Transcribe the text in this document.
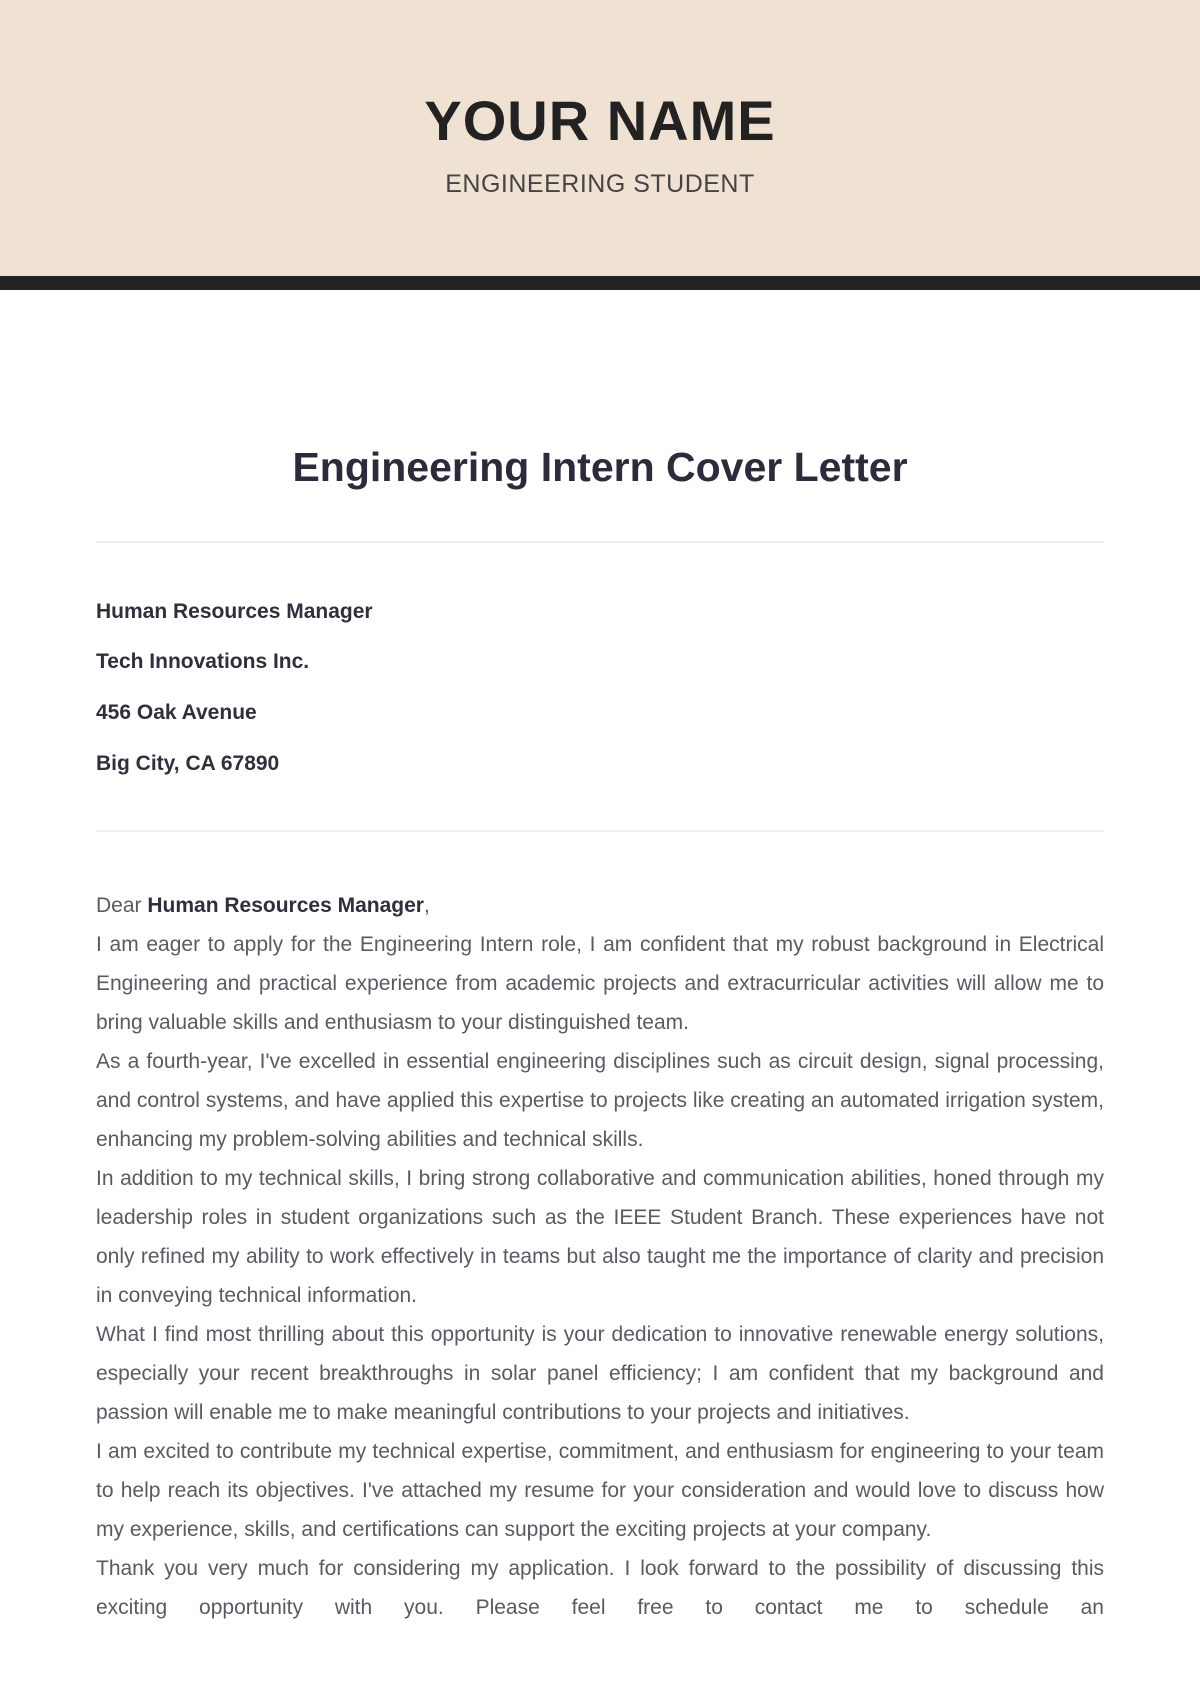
YOUR NAME
ENGINEERING STUDENT
Engineering Intern Cover Letter
Human Resources Manager
Tech Innovations Inc.
456 Oak Avenue
Big City, CA 67890

Dear Human Resources Manager,

I am eager to apply for the Engineering Intern role, I am confident that my robust background in Electrical Engineering and practical experience from academic projects and extracurricular activities will allow me to bring valuable skills and enthusiasm to your distinguished team.

As a fourth-year, I've excelled in essential engineering disciplines such as circuit design, signal processing, and control systems, and have applied this expertise to projects like creating an automated irrigation system, enhancing my problem-solving abilities and technical skills.

In addition to my technical skills, I bring strong collaborative and communication abilities, honed through my leadership roles in student organizations such as the IEEE Student Branch. These experiences have not only refined my ability to work effectively in teams but also taught me the importance of clarity and precision in conveying technical information.

What I find most thrilling about this opportunity is your dedication to innovative renewable energy solutions, especially your recent breakthroughs in solar panel efficiency; I am confident that my background and passion will enable me to make meaningful contributions to your projects and initiatives.

I am excited to contribute my technical expertise, commitment, and enthusiasm for engineering to your team to help reach its objectives. I've attached my resume for your consideration and would love to discuss how my experience, skills, and certifications can support the exciting projects at your company.

Thank you very much for considering my application. I look forward to the possibility of discussing this exciting opportunity with you. Please feel free to contact me to schedule an
